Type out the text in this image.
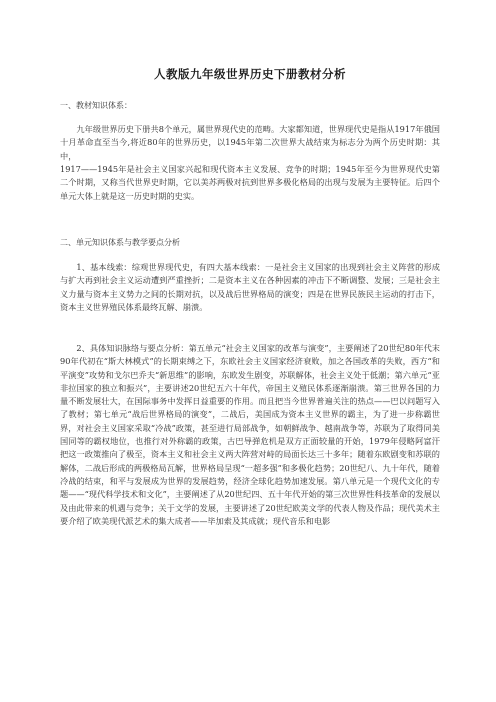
人教版九年级世界历史下册教材分析
一、教材知识体系：
九年级世界历史下册共8个单元，属世界现代史的范畴。大家都知道，世界现代史是指从1917年俄国十月革命直至当今,将近80年的世界历史，以1945年第二次世界大战结束为标志分为两个历史时期：其中，
1917——1945年是社会主义国家兴起和现代资本主义发展、竞争的时期；1945年至今为世界现代史第二个时期，又称当代世界史时期，它以美苏两极对抗到世界多极化格局的出现与发展为主要特征。后四个单元大体上就是这一历史时期的史实。
二、单元知识体系与教学要点分析
1、基本线索：综观世界现代史，有四大基本线索：一是社会主义国家的出现到社会主义阵营的形成与扩大再到社会主义运动遭到严重挫折；二是资本主义在各种因素的冲击下不断调整、发展；三是社会主义力量与资本主义势力之间的长期对抗，以及战后世界格局的演变；四是在世界民族民主运动的打击下，资本主义世界殖民体系最终瓦解、崩溃。
2、具体知识脉络与要点分析：第五单元“社会主义国家的改革与演变”，主要阐述了20世纪80年代末90年代初在“斯大林模式”的长期束缚之下，东欧社会主义国家经济衰败，加之各国改革的失败，西方“和平演变”攻势和戈尔巴乔夫“新思维”的影响，东欧发生剧变，苏联解体，社会主义处于低潮；第六单元“亚非拉国家的独立和振兴”，主要讲述20世纪五六十年代，帝国主义殖民体系逐渐崩溃。第三世界各国的力量不断发展壮大，在国际事务中发挥日益重要的作用。而且把当今世界普遍关注的热点——巴以问题写入了教材；第七单元“战后世界格局的演变”，二战后，美国成为资本主义世界的霸主，为了进一步称霸世界，对社会主义国家采取“冷战”政策，甚至进行局部战争，如朝鲜战争、越南战争等，苏联为了取得同美国同等的霸权地位，也推行对外称霸的政策，古巴导弹危机是双方正面较量的开始，1979年侵略阿富汗把这一政策推向了极至，资本主义和社会主义两大阵营对峙的局面长达三十多年；随着东欧剧变和苏联的解体，二战后形成的两极格局瓦解，世界格局呈现“一超多强”和多极化趋势；20世纪八、九十年代，随着冷战的结束，和平与发展成为世界的发展趋势，经济全球化趋势加速发展。第八单元是一个现代文化的专题——“现代科学技术和文化”，主要阐述了从20世纪四、五十年代开始的第三次世界性科技革命的发展以及由此带来的机遇与竞争；关于文学的发展，主要讲述了20世纪欧美文学的代表人物及作品；现代美术主要介绍了欧美现代派艺术的集大成者——毕加索及其成就；现代音乐和电影
